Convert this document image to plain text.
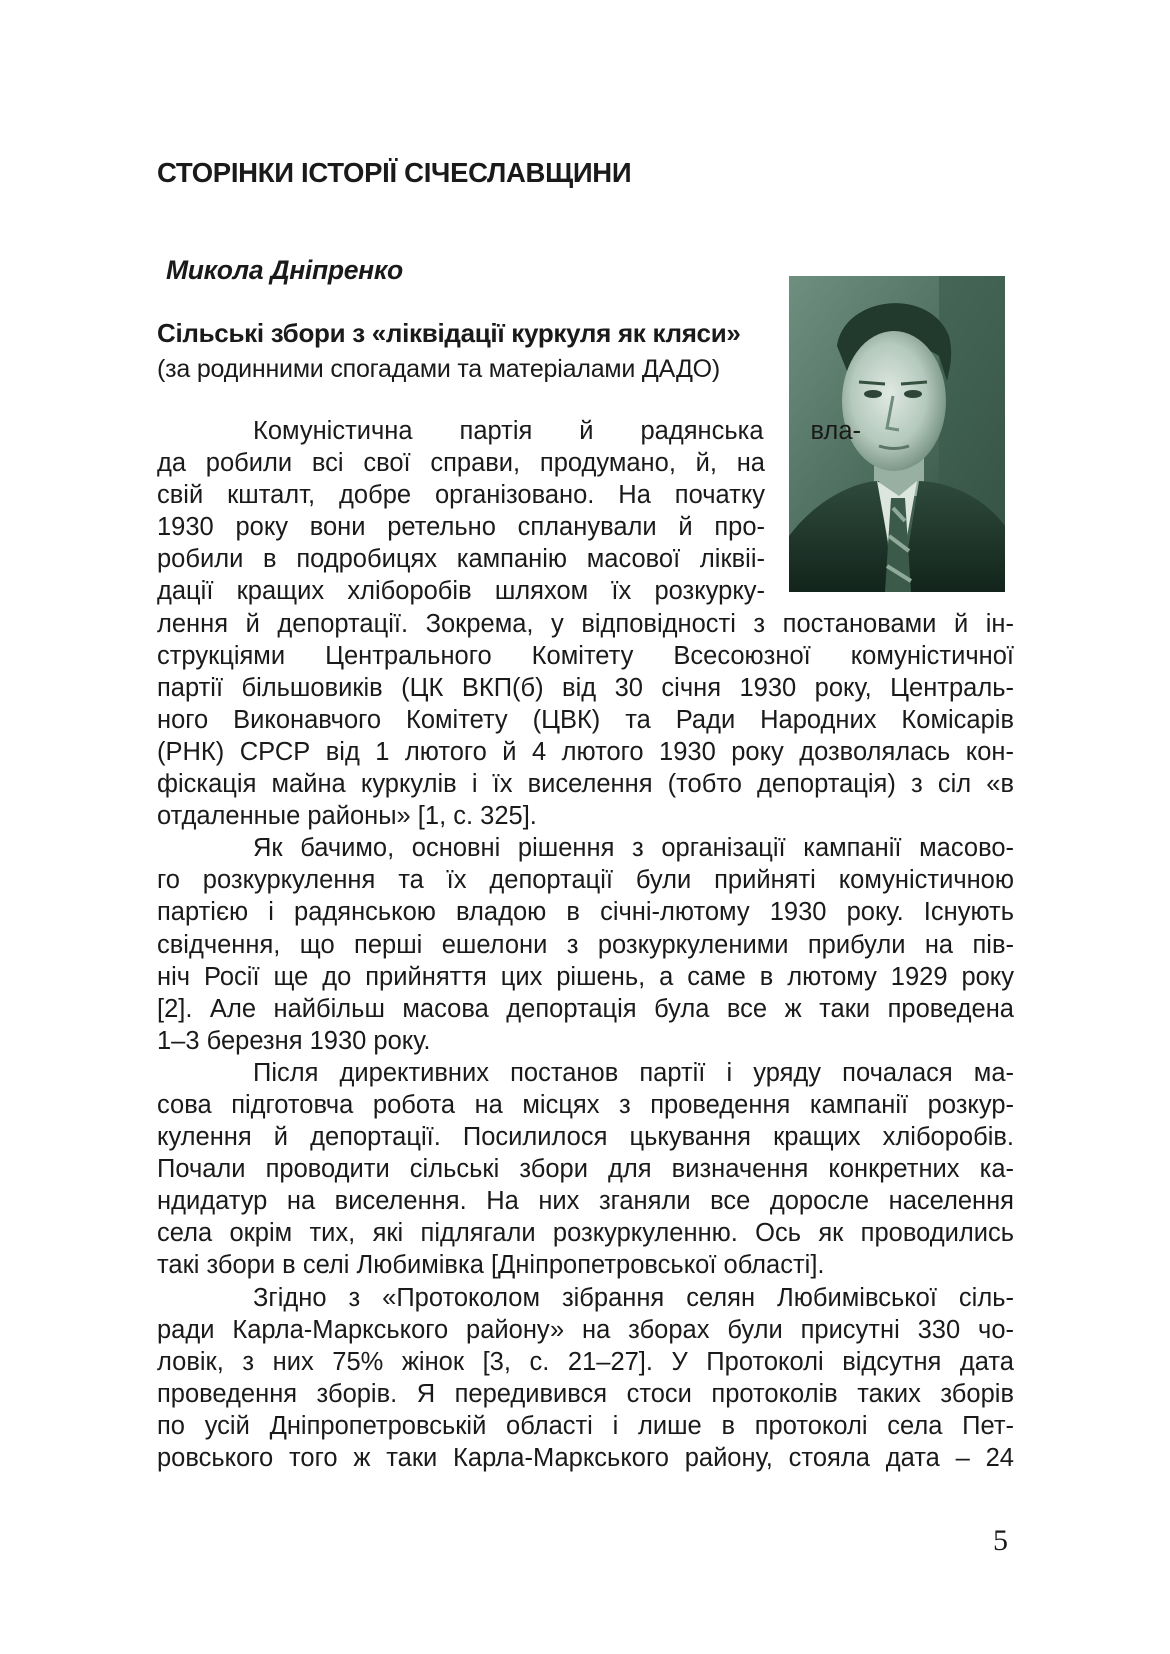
СТОРІНКИ ІСТОРІЇ СІЧЕСЛАВЩИНИ
Микола Дніпренко
Сільські збори з «ліквідації куркуля як кляси»
(за родинними спогадами та матеріалами ДАДО)
Комуністична партія й радянська вла-
да робили всі свої справи, продумано, й, на
свій кшталт, добре організовано. На початку
1930 року вони ретельно спланували й про-
робили в подробицях кампанію масової ліквіі-
дації кращих хліборобів шляхом їх розкурку-
лення й депортації. Зокрема, у відповідності з постановами й ін-
струкціями Центрального Комітету Всесоюзної комуністичної
партії більшовиків (ЦК ВКП(б) від 30 січня 1930 року, Централь-
ного Виконавчого Комітету (ЦВК) та Ради Народних Комісарів
(РНК) СРСР від 1 лютого й 4 лютого 1930 року дозволялась кон-
фіскація майна куркулів і їх виселення (тобто депортація) з сіл «в
отдаленные районы» [1, с. 325].
Як бачимо, основні рішення з організації кампанії масово-
го розкуркулення та їх депортації були прийняті комуністичною
партією і радянською владою в січні-лютому 1930 року. Існують
свідчення, що перші ешелони з розкуркуленими прибули на пів-
ніч Росії ще до прийняття цих рішень, а саме в лютому 1929 року
[2]. Але найбільш масова депортація була все ж таки проведена
1–3 березня 1930 року.
Після директивних постанов партії і уряду почалася ма-
сова підготовча робота на місцях з проведення кампанії розкур-
кулення й депортації. Посилилося цькування кращих хліборобів.
Почали проводити сільські збори для визначення конкретних ка-
ндидатур на виселення. На них зганяли все доросле населення
села окрім тих, які підлягали розкуркуленню. Ось як проводились
такі збори в селі Любимівка [Дніпропетровської області].
Згідно з «Протоколом зібрання селян Любимівської сіль-
ради Карла-Маркського району» на зборах були присутні 330 чо-
ловік, з них 75% жінок [3, с. 21–27]. У Протоколі відсутня дата
проведення зборів. Я передивився стоси протоколів таких зборів
по усій Дніпропетровській області і лише в протоколі села Пет-
ровського того ж таки Карла-Маркського району, стояла дата – 24
5
